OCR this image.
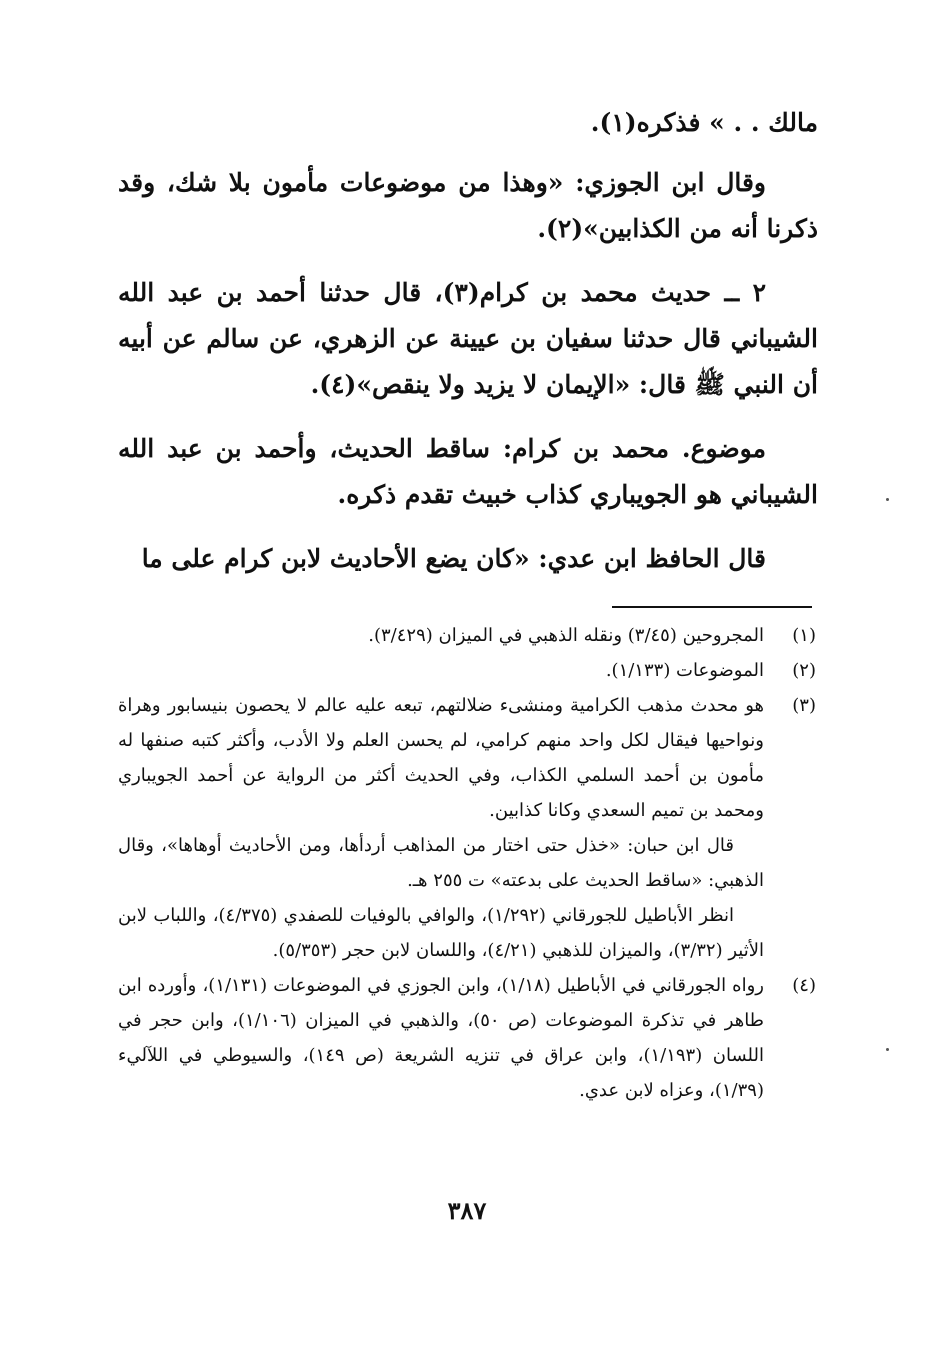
مالك . . » فذكره(١).

وقال ابن الجوزي: «وهذا من موضوعات مأمون بلا شك، وقد ذكرنا أنه من الكذابين»(٢).

٢ ــ حديث محمد بن كرام(٣)، قال حدثنا أحمد بن عبد الله الشيباني قال حدثنا سفيان بن عيينة عن الزهري، عن سالم عن أبيه أن النبي ﷺ قال: «الإيمان لا يزيد ولا ينقص»(٤).

موضوع. محمد بن كرام: ساقط الحديث، وأحمد بن عبد الله الشيباني هو الجويباري كذاب خبيث تقدم ذكره.

قال الحافظ ابن عدي: «كان يضع الأحاديث لابن كرام على ما

(١)

المجروحين (٣/٤٥) ونقله الذهبي في الميزان (٣/٤٢٩).

(٢)

الموضوعات (١/١٣٣).

(٣)

هو محدث مذهب الكرامية ومنشىء ضلالتهم، تبعه عليه عالم لا يحصون بنيسابور وهراة ونواحيها فيقال لكل واحد منهم كرامي، لم يحسن العلم ولا الأدب، وأكثر كتبه صنفها له مأمون بن أحمد السلمي الكذاب، وفي الحديث أكثر من الرواية عن أحمد الجويباري ومحمد بن تميم السعدي وكانا كذابين.

قال ابن حبان: «خذل حتى اختار من المذاهب أردأها، ومن الأحاديث أوهاها»، وقال الذهبي: «ساقط الحديث على بدعته» ت ٢٥٥ هـ.

انظر الأباطيل للجورقاني (١/٢٩٢)، والوافي بالوفيات للصفدي (٤/٣٧٥)، واللباب لابن الأثير (٣/٣٢)، والميزان للذهبي (٤/٢١)، واللسان لابن حجر (٥/٣٥٣).

(٤)

رواه الجورقاني في الأباطيل (١/١٨)، وابن الجوزي في الموضوعات (١/١٣١)، وأورده ابن طاهر في تذكرة الموضوعات (ص ٥٠)، والذهبي في الميزان (١/١٠٦)، وابن حجر في اللسان (١/١٩٣)، وابن عراق في تنزيه الشريعة (ص ١٤٩)، والسيوطي في اللآليء (١/٣٩)، وعزاه لابن عدي.

٣٨٧
